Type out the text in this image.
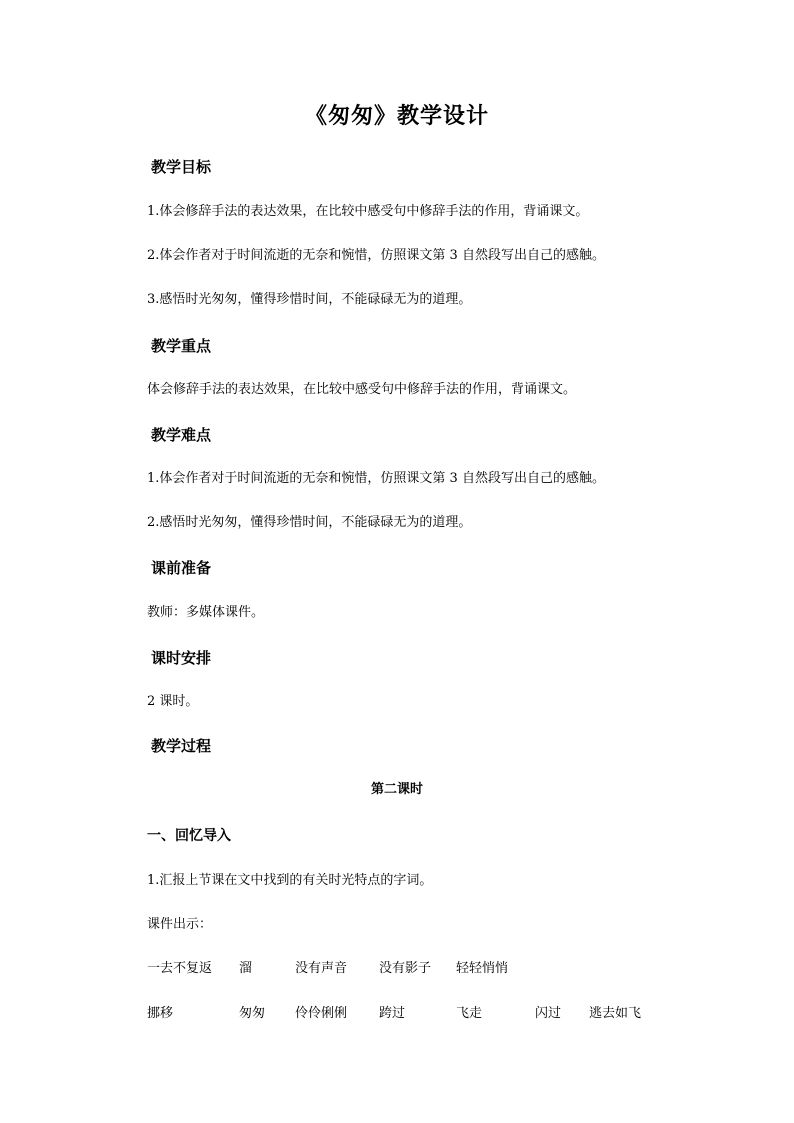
《匆匆》教学设计
教学目标
1.体会修辞手法的表达效果，在比较中感受句中修辞手法的作用，背诵课文。
2.体会作者对于时间流逝的无奈和惋惜，仿照课文第 3 自然段写出自己的感触。
3.感悟时光匆匆，懂得珍惜时间，不能碌碌无为的道理。
教学重点
体会修辞手法的表达效果，在比较中感受句中修辞手法的作用，背诵课文。
教学难点
1.体会作者对于时间流逝的无奈和惋惜，仿照课文第 3 自然段写出自己的感触。
2.感悟时光匆匆，懂得珍惜时间，不能碌碌无为的道理。
课前准备
教师：多媒体课件。
课时安排
2 课时。
教学过程
第二课时
一、回忆导入
1.汇报上节课在文中找到的有关时光特点的字词。
课件出示：
一去不复返 溜	没有声音 没有影子 轻轻悄悄
挪移	匆匆 伶伶俐俐 跨过	飞走	闪过 逃去如飞
